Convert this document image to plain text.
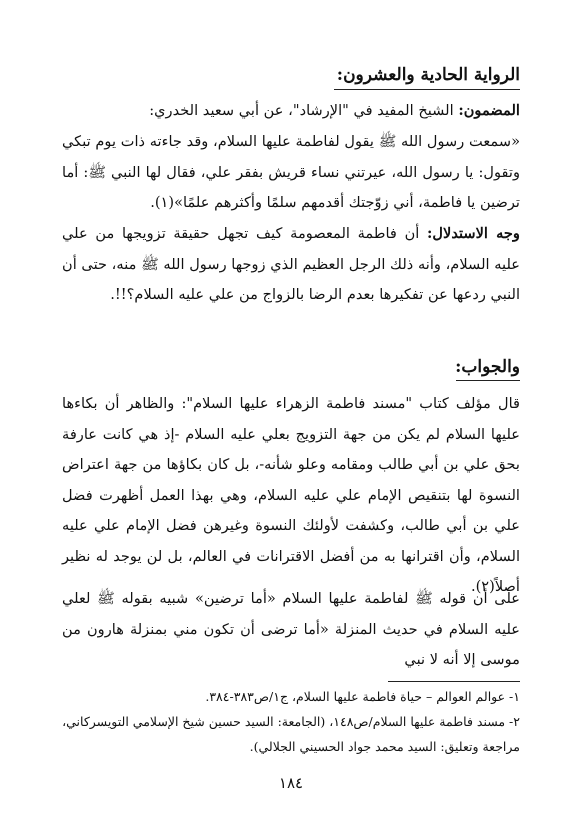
الرواية الحادية والعشرون:
المضمون: الشيخ المفيد في "الإرشاد"، عن أبي سعيد الخدري:
«سمعت رسول الله ﷺ يقول لفاطمة عليها السلام، وقد جاءته ذات يوم تبكي وتقول: يا رسول الله، عيرتني نساء قريش بفقر علي، فقال لها النبي ﷺ: أما ترضين يا فاطمة، أني زوّجتك أقدمهم سلمًا وأكثرهم علمًا»(١).
وجه الاستدلال: أن فاطمة المعصومة كيف تجهل حقيقة تزويجها من علي عليه السلام، وأنه ذلك الرجل العظيم الذي زوجها رسول الله ﷺ منه، حتى أن النبي ردعها عن تفكيرها بعدم الرضا بالزواج من علي عليه السلام؟!!.
والجواب:
قال مؤلف كتاب "مسند فاطمة الزهراء عليها السلام": والظاهر أن بكاءها عليها السلام لم يكن من جهة التزويج بعلي عليه السلام -إذ هي كانت عارفة بحق علي بن أبي طالب ومقامه وعلو شأنه-، بل كان بكاؤها من جهة اعتراض النسوة لها بتنقيص الإمام علي عليه السلام، وهي بهذا العمل أظهرت فضل علي بن أبي طالب، وكشفت لأولئك النسوة وغيرهن فضل الإمام علي عليه السلام، وأن اقترانها به من أفضل الاقترانات في العالم، بل لن يوجد له نظير أصلاً(٢).
على أن قوله ﷺ لفاطمة عليها السلام «أما ترضين» شبيه بقوله ﷺ لعلي عليه السلام في حديث المنزلة «أما ترضى أن تكون مني بمنزلة هارون من موسى إلا أنه لا نبي
١- عوالم العوالم – حياة فاطمة عليها السلام، ج١/ص٣٨٣-٣٨٤.
٢- مسند فاطمة عليها السلام/ص١٤٨، (الجامعة: السيد حسين شيخ الإسلامي التويسركاني، مراجعة وتعليق: السيد محمد جواد الحسيني الجلالي).
١٨٤
